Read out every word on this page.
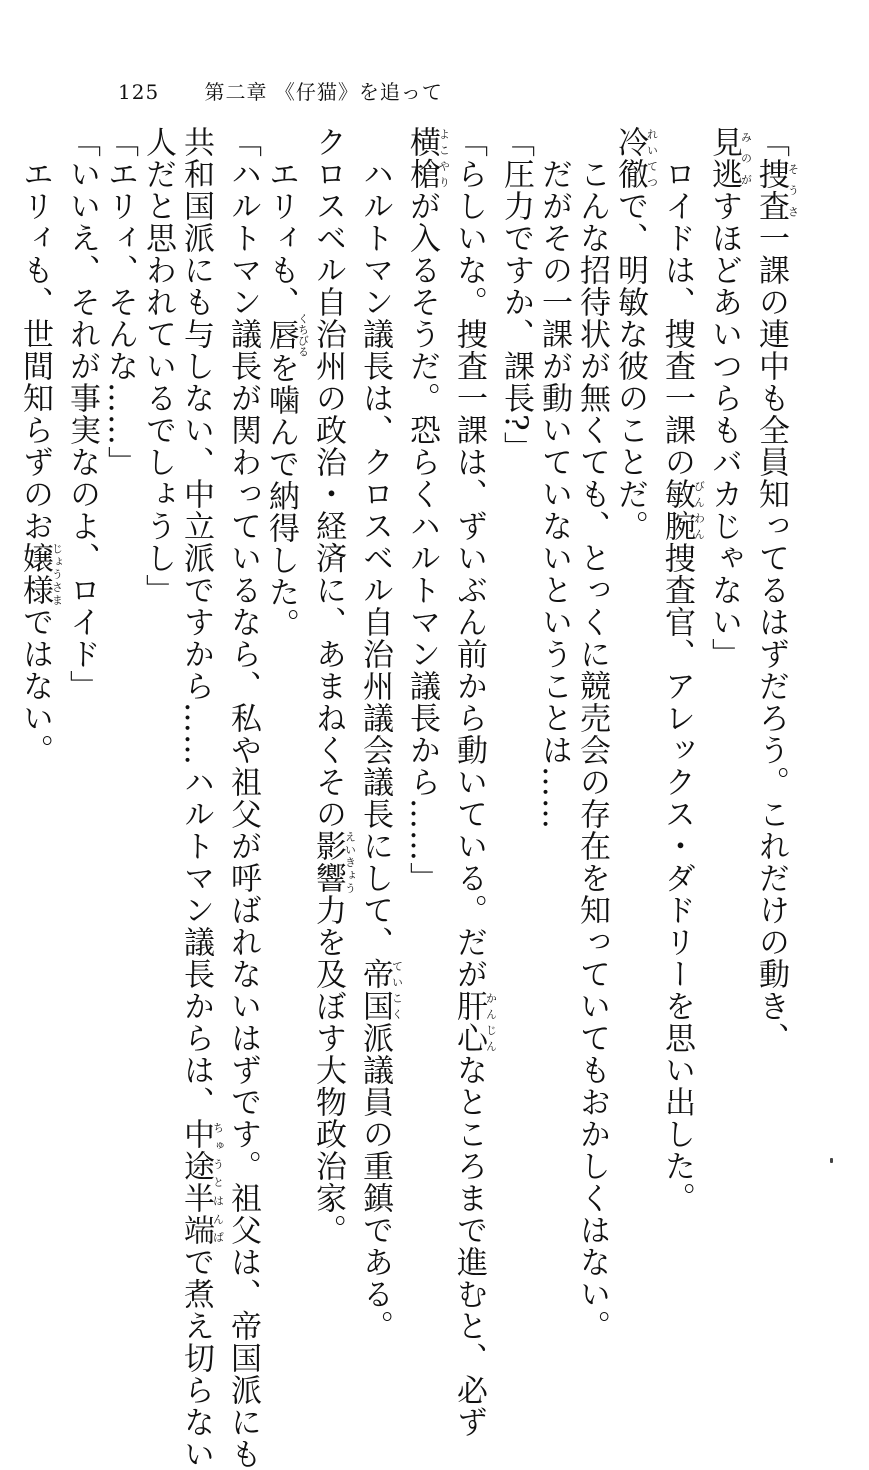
125 第二章 《仔猫》を追って
「捜査そうさ一課の連中も全員知ってるはずだろう。これだけの動き、
見逃みのがすほどあいつらもバカじゃない」
　ロイドは、捜査一課の敏腕びんわん捜査官、アレックス・ダドリーを思い出した。
冷徹れいてつで、明敏な彼のことだ。
　こんな招待状が無くても、とっくに競売会の存在を知っていてもおかしくはない。
　だがその一課が動いていないということは……
「圧力ですか、課長?」
「らしいな。捜査一課は、ずいぶん前から動いている。だが肝心かんじんなところまで進むと、必ず
横槍よこやりが入るそうだ。恐らくハルトマン議長から……」
　ハルトマン議長は、クロスベル自治州議会議長にして、帝国ていこく派議員の重鎮である。
クロスベル自治州の政治・経済に、あまねくその影響えいきょう力を及ぼす大物政治家。
　エリィも、唇くちびるを噛んで納得した。
「ハルトマン議長が関わっているなら、私や祖父が呼ばれないはずです。祖父は、帝国派にも
共和国派にも与しない、中立派ですから……ハルトマン議長からは、中途半端ちゅうとはんぱで煮え切らない
人だと思われているでしょうし」
「エリィ、そんな……」
「いいえ、それが事実なのよ、ロイド」
　エリィも、世間知らずのお嬢様じょうさまではない。
